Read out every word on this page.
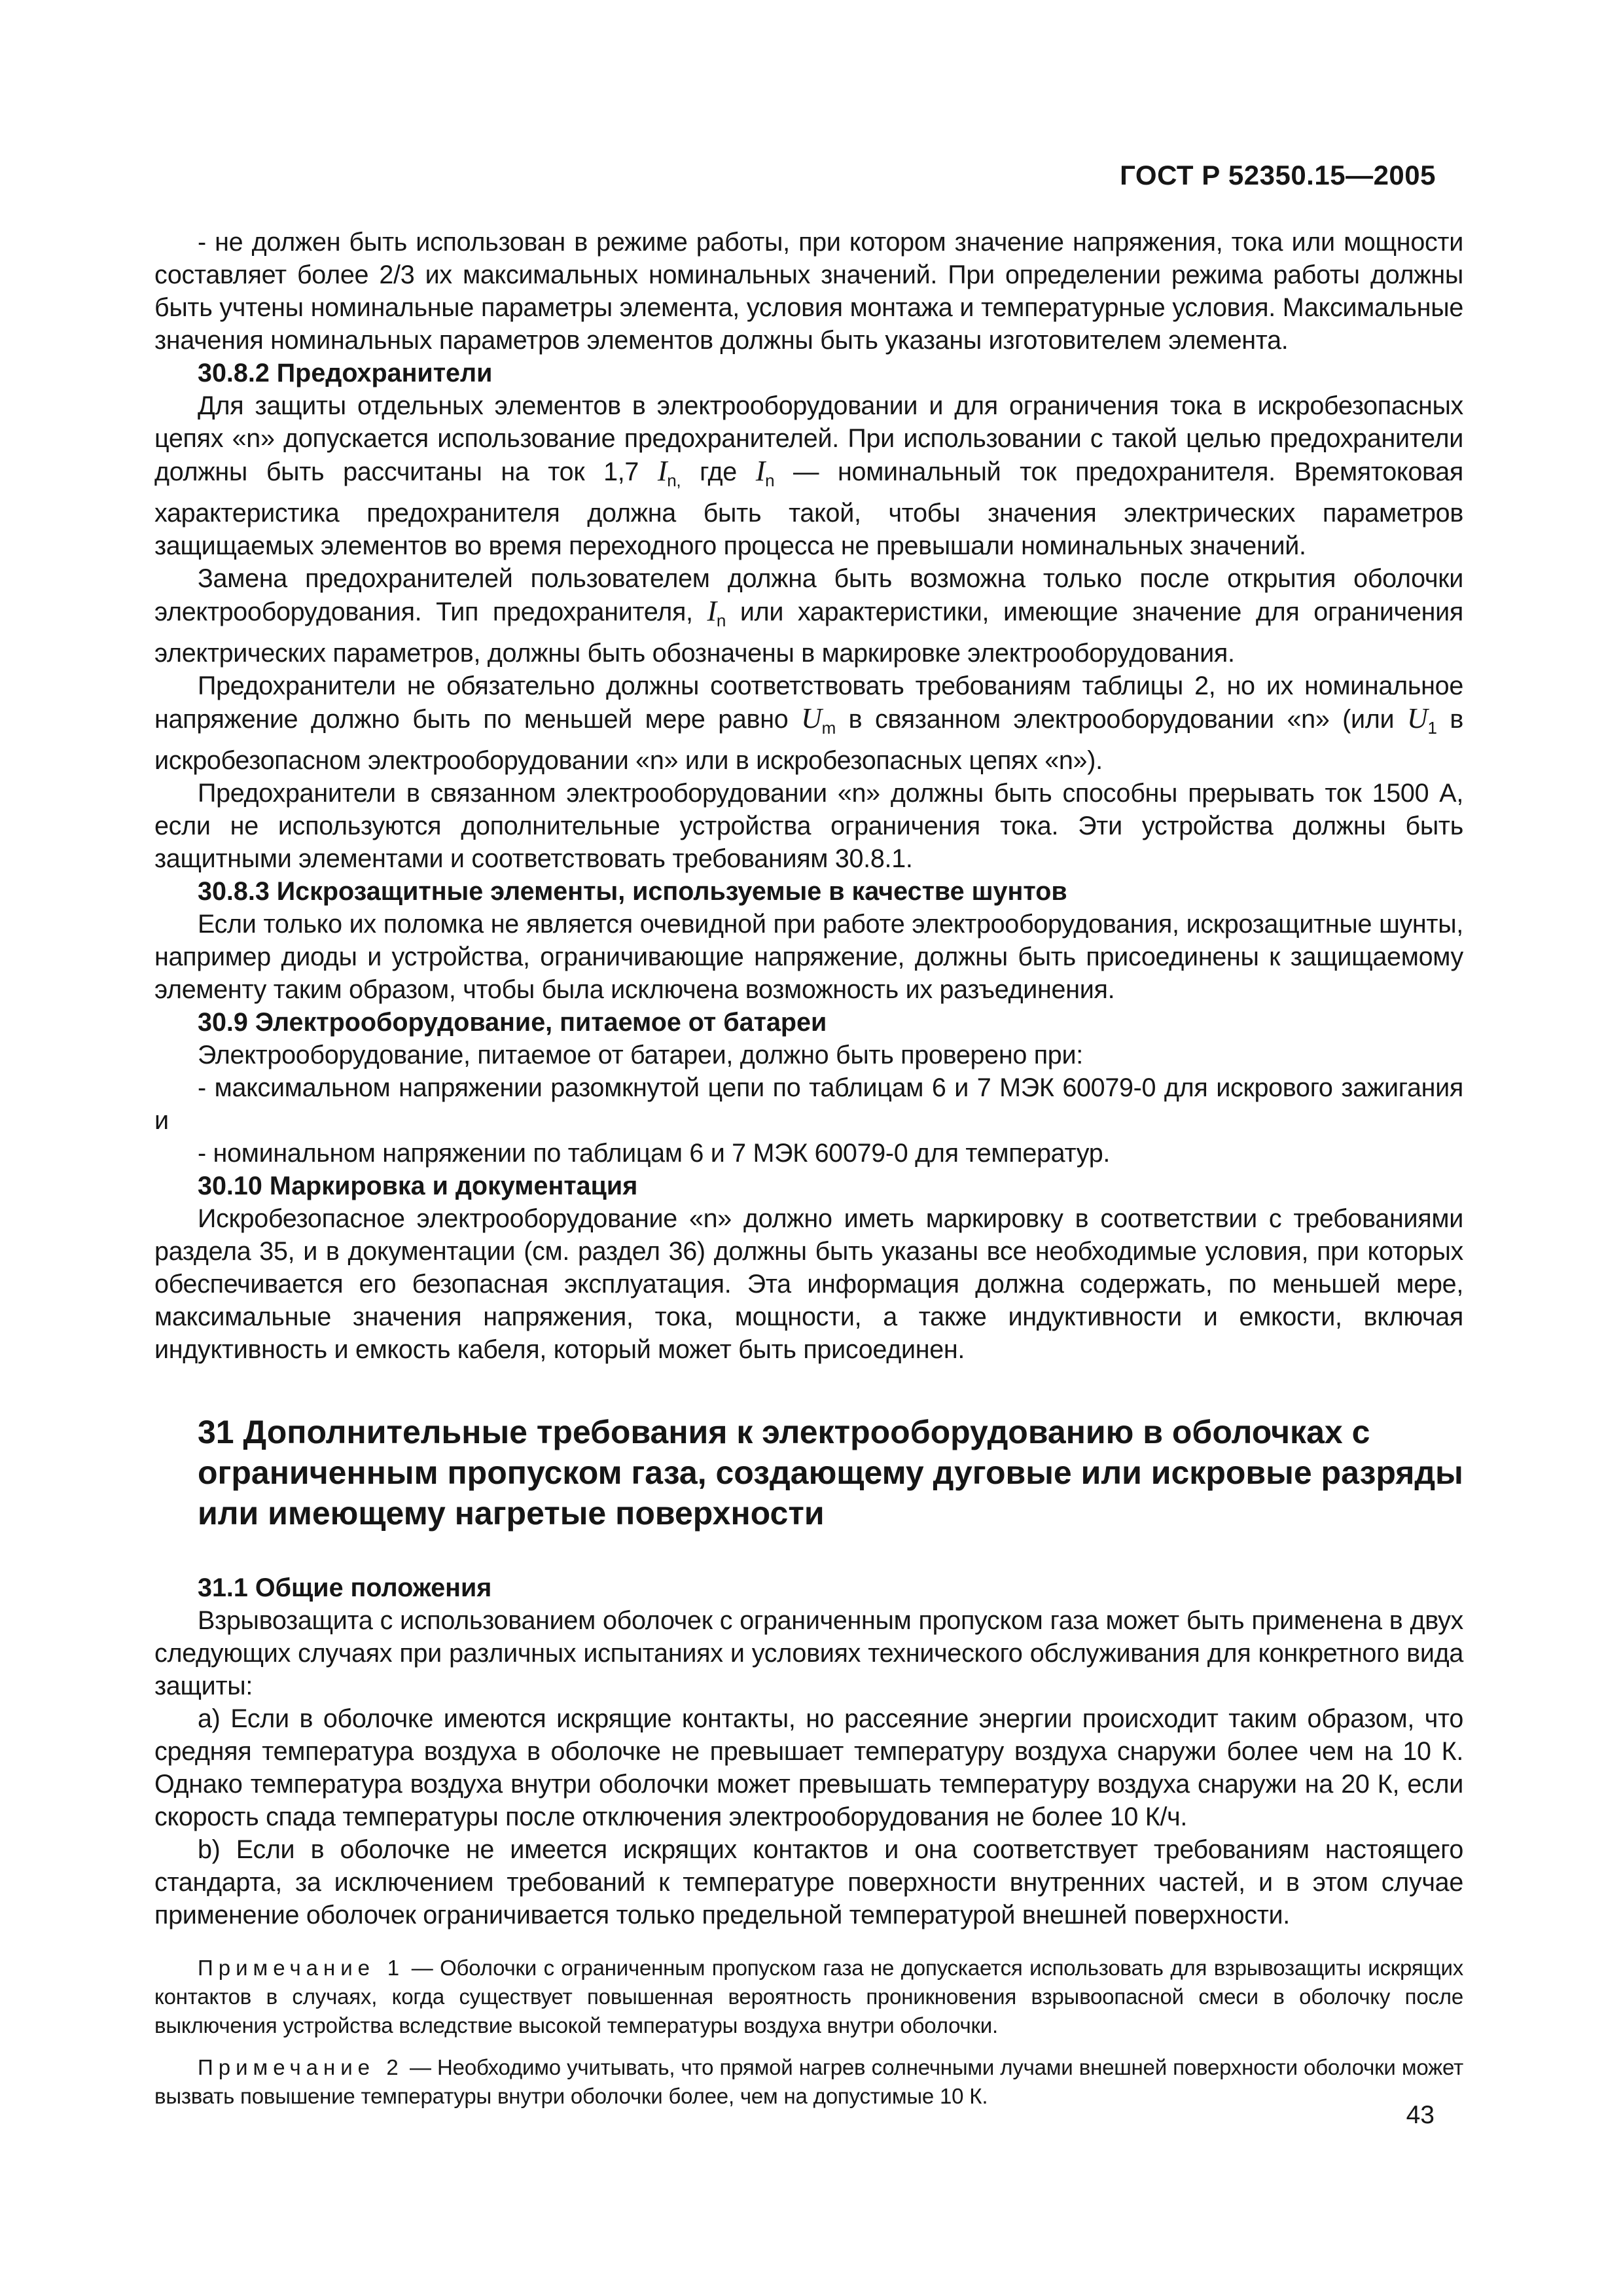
ГОСТ Р 52350.15—2005

- не должен быть использован в режиме работы, при котором значение напряжения, тока или мощности составляет более 2/3 их максимальных номинальных значений. При определении режима работы должны быть учтены номинальные параметры элемента, условия монтажа и температурные условия. Максимальные значения номинальных параметров элементов должны быть указаны изготовителем элемента.

30.8.2 Предохранители

Для защиты отдельных элементов в электрооборудовании и для ограничения тока в искробезопасных цепях «n» допускается использование предохранителей. При использовании с такой целью предохранители должны быть рассчитаны на ток 1,7 $I_{n,}$ где $I_n$ — номинальный ток предохранителя. Времятоковая характеристика предохранителя должна быть такой, чтобы значения электрических параметров защищаемых элементов во время переходного процесса не превышали номинальных значений.

Замена предохранителей пользователем должна быть возможна только после открытия оболочки электрооборудования. Тип предохранителя, $I_n$ или характеристики, имеющие значение для ограничения электрических параметров, должны быть обозначены в маркировке электрооборудования.

Предохранители не обязательно должны соответствовать требованиям таблицы 2, но их номинальное напряжение должно быть по меньшей мере равно $U_m$ в связанном электрооборудовании «n» (или $U_1$ в искробезопасном электрооборудовании «n» или в искробезопасных цепях «n»).

Предохранители в связанном электрооборудовании «n» должны быть способны прерывать ток 1500 А, если не используются дополнительные устройства ограничения тока. Эти устройства должны быть защитными элементами и соответствовать требованиям 30.8.1.

30.8.3 Искрозащитные элементы, используемые в качестве шунтов

Если только их поломка не является очевидной при работе электрооборудования, искрозащитные шунты, например диоды и устройства, ограничивающие напряжение, должны быть присоединены к защищаемому элементу таким образом, чтобы была исключена возможность их разъединения.

30.9 Электрооборудование, питаемое от батареи

Электрооборудование, питаемое от батареи, должно быть проверено при:

- максимальном напряжении разомкнутой цепи по таблицам 6 и 7 МЭК 60079-0 для искрового зажигания и

- номинальном напряжении по таблицам 6 и 7 МЭК 60079-0 для температур.

30.10 Маркировка и документация

Искробезопасное электрооборудование «n» должно иметь маркировку в соответствии с требованиями раздела 35, и в документации (см. раздел 36) должны быть указаны все необходимые условия, при которых обеспечивается его безопасная эксплуатация. Эта информация должна содержать, по меньшей мере, максимальные значения напряжения, тока, мощности, а также индуктивности и емкости, включая индуктивность и емкость кабеля, который может быть присоединен.

31 Дополнительные требования к электрооборудованию в оболочках с ограниченным пропуском газа, создающему дуговые или искровые разряды или имеющему нагретые поверхности

31.1 Общие положения

Взрывозащита с использованием оболочек с ограниченным пропуском газа может быть применена в двух следующих случаях при различных испытаниях и условиях технического обслуживания для конкретного вида защиты:

a) Если в оболочке имеются искрящие контакты, но рассеяние энергии происходит таким образом, что средняя температура воздуха в оболочке не превышает температуру воздуха снаружи более чем на 10 К. Однако температура воздуха внутри оболочки может превышать температуру воздуха снаружи на 20 К, если скорость спада температуры после отключения электрооборудования не более 10 К/ч.

b) Если в оболочке не имеется искрящих контактов и она соответствует требованиям настоящего стандарта, за исключением требований к температуре поверхности внутренних частей, и в этом случае применение оболочек ограничивается только предельной температурой внешней поверхности.

Примечание 1 — Оболочки с ограниченным пропуском газа не допускается использовать для взрывозащиты искрящих контактов в случаях, когда существует повышенная вероятность проникновения взрывоопасной смеси в оболочку после выключения устройства вследствие высокой температуры воздуха внутри оболочки.

Примечание 2 — Необходимо учитывать, что прямой нагрев солнечными лучами внешней поверхности оболочки может вызвать повышение температуры внутри оболочки более, чем на допустимые 10 К.

43
